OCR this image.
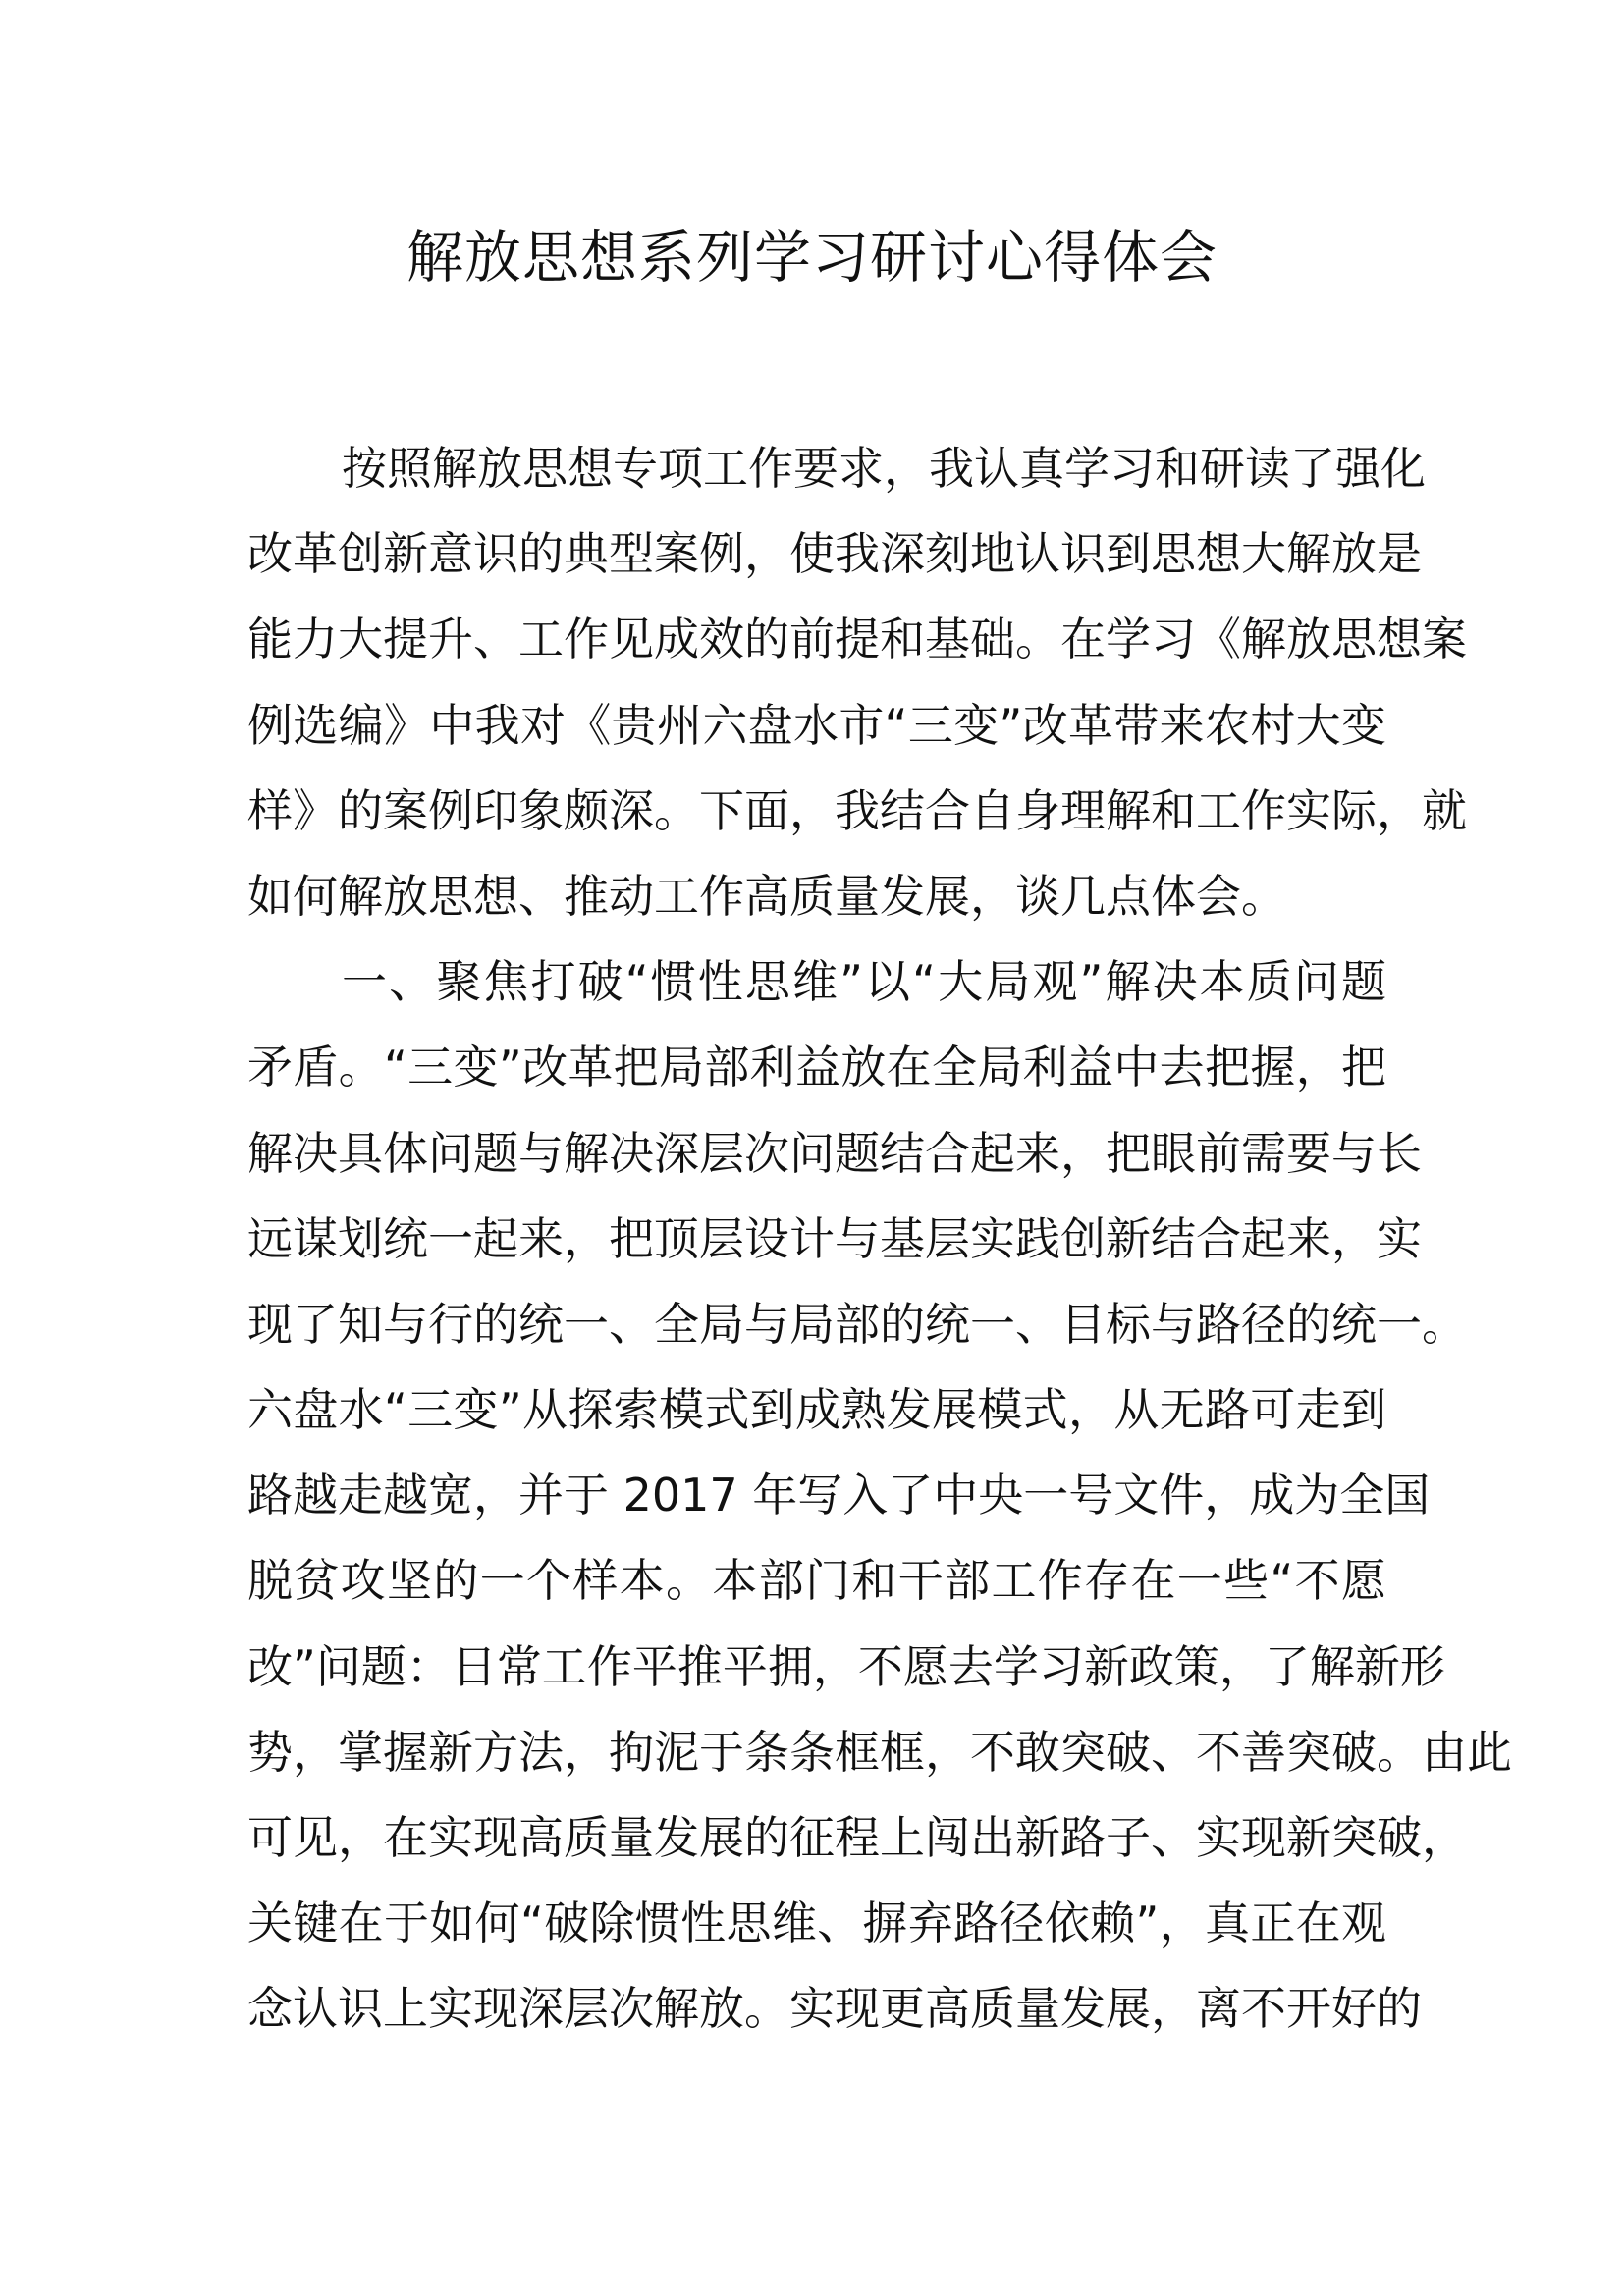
解放思想系列学习研讨心得体会
按照解放思想专项工作要求，我认真学习和研读了强化
改革创新意识的典型案例，使我深刻地认识到思想大解放是
能力大提升、工作见成效的前提和基础。在学习《解放思想案
例选编》中我对《贵州六盘水市“三变”改革带来农村大变
样》的案例印象颇深。下面，我结合自身理解和工作实际，就
如何解放思想、推动工作高质量发展，谈几点体会。
一、聚焦打破“惯性思维”以“大局观”解决本质问题
矛盾。“三变”改革把局部利益放在全局利益中去把握，把
解决具体问题与解决深层次问题结合起来，把眼前需要与长
远谋划统一起来，把顶层设计与基层实践创新结合起来，实
现了知与行的统一、全局与局部的统一、目标与路径的统一。
六盘水“三变”从探索模式到成熟发展模式，从无路可走到
路越走越宽，并于 2017 年写入了中央一号文件，成为全国
脱贫攻坚的一个样本。本部门和干部工作存在一些“不愿
改”问题：日常工作平推平拥，不愿去学习新政策，了解新形
势，掌握新方法，拘泥于条条框框，不敢突破、不善突破。由此
可见，在实现高质量发展的征程上闯出新路子、实现新突破，
关键在于如何“破除惯性思维、摒弃路径依赖”，真正在观
念认识上实现深层次解放。实现更高质量发展，离不开好的
